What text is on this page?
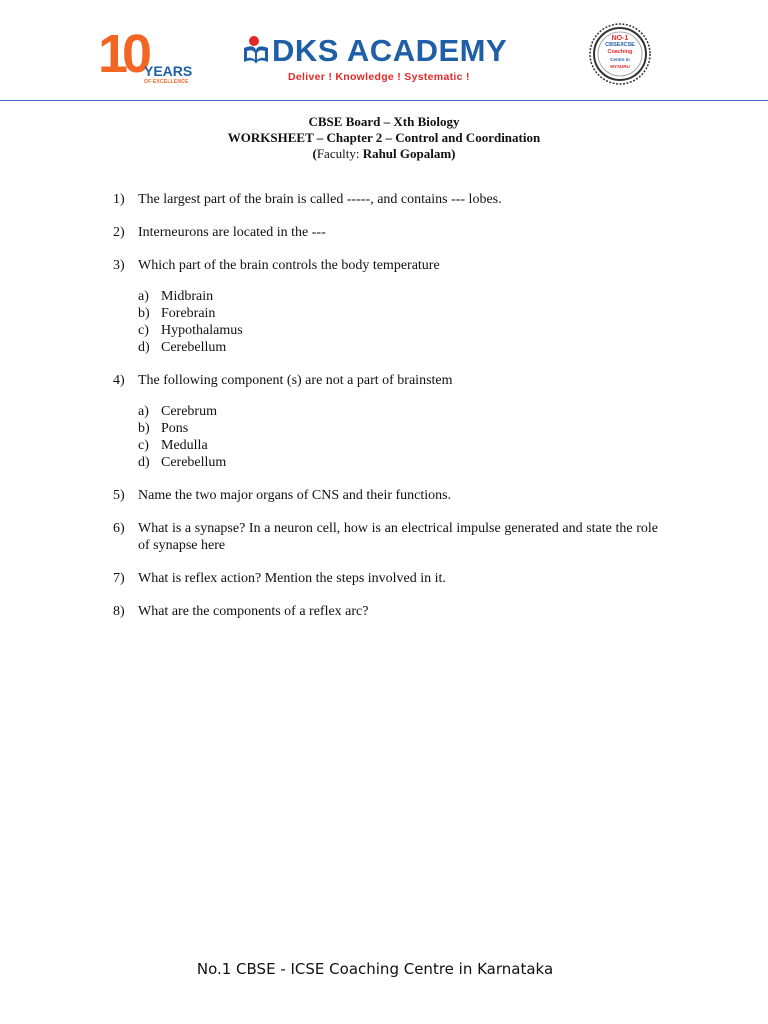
10
YEARS
OF EXCELLENCE
DKS ACADEMY
Deliver ! Knowledge ! Systematic !
NO-1
CBSE/ICSE
Coaching
Centre in
MYSURU
CBSE Board – Xth Biology
WORKSHEET – Chapter 2 – Control and Coordination
(Faculty: Rahul Gopalam)
1) The largest part of the brain is called -----, and contains --- lobes.
2) Interneurons are located in the ---
3) Which part of the brain controls the body temperature
a) Midbrain
b) Forebrain
c) Hypothalamus
d) Cerebellum
4) The following component (s) are not a part of brainstem
a) Cerebrum
b) Pons
c) Medulla
d) Cerebellum
5) Name the two major organs of CNS and their functions.
6) What is a synapse? In a neuron cell, how is an electrical impulse generated and state the role of synapse here
7) What is reflex action? Mention the steps involved in it.
8) What are the components of a reflex arc?
No.1 CBSE - ICSE Coaching Centre in Karnataka
